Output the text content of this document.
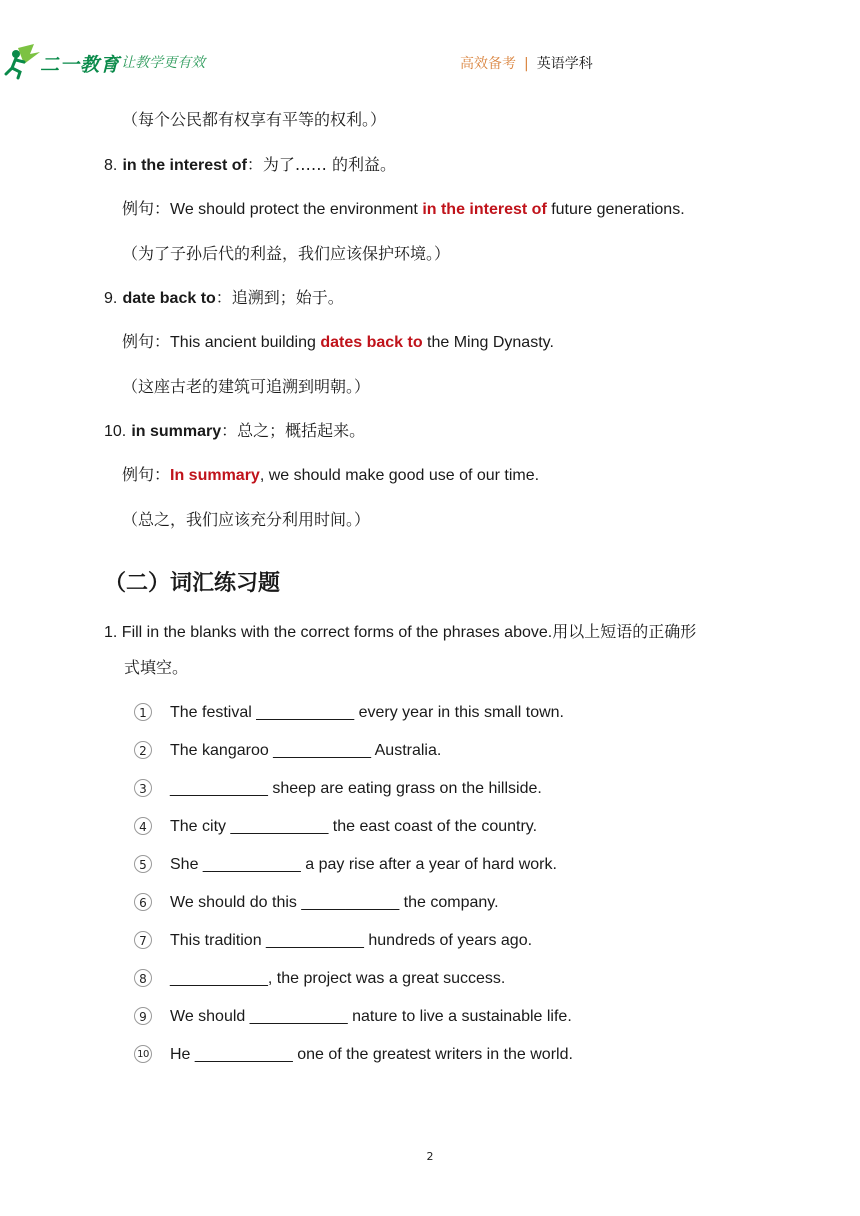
二一教育
/ 让教学更有效	高效备考 | 英语学科
（每个公民都有权享有平等的权利。）
8. in the interest of：为了…… 的利益。
例句：We should protect the environment in the interest of future generations.
（为了子孙后代的利益，我们应该保护环境。）
9. date back to：追溯到；始于。
例句：This ancient building dates back to the Ming Dynasty.
（这座古老的建筑可追溯到明朝。）
10. in summary：总之；概括起来。
例句：In summary, we should make good use of our time.
（总之，我们应该充分利用时间。）
（二）词汇练习题
1. Fill in the blanks with the correct forms of the phrases above.用以上短语的正确形
式填空。
1	The festival ___________ every year in this small town.
2	The kangaroo ___________ Australia.
3	___________ sheep are eating grass on the hillside.
4	The city ___________ the east coast of the country.
5	She ___________ a pay rise after a year of hard work.
6	We should do this ___________ the company.
7	This tradition ___________ hundreds of years ago.
8	___________, the project was a great success.
9	We should ___________ nature to live a sustainable life.
10 He ___________ one of the greatest writers in the world.
2
